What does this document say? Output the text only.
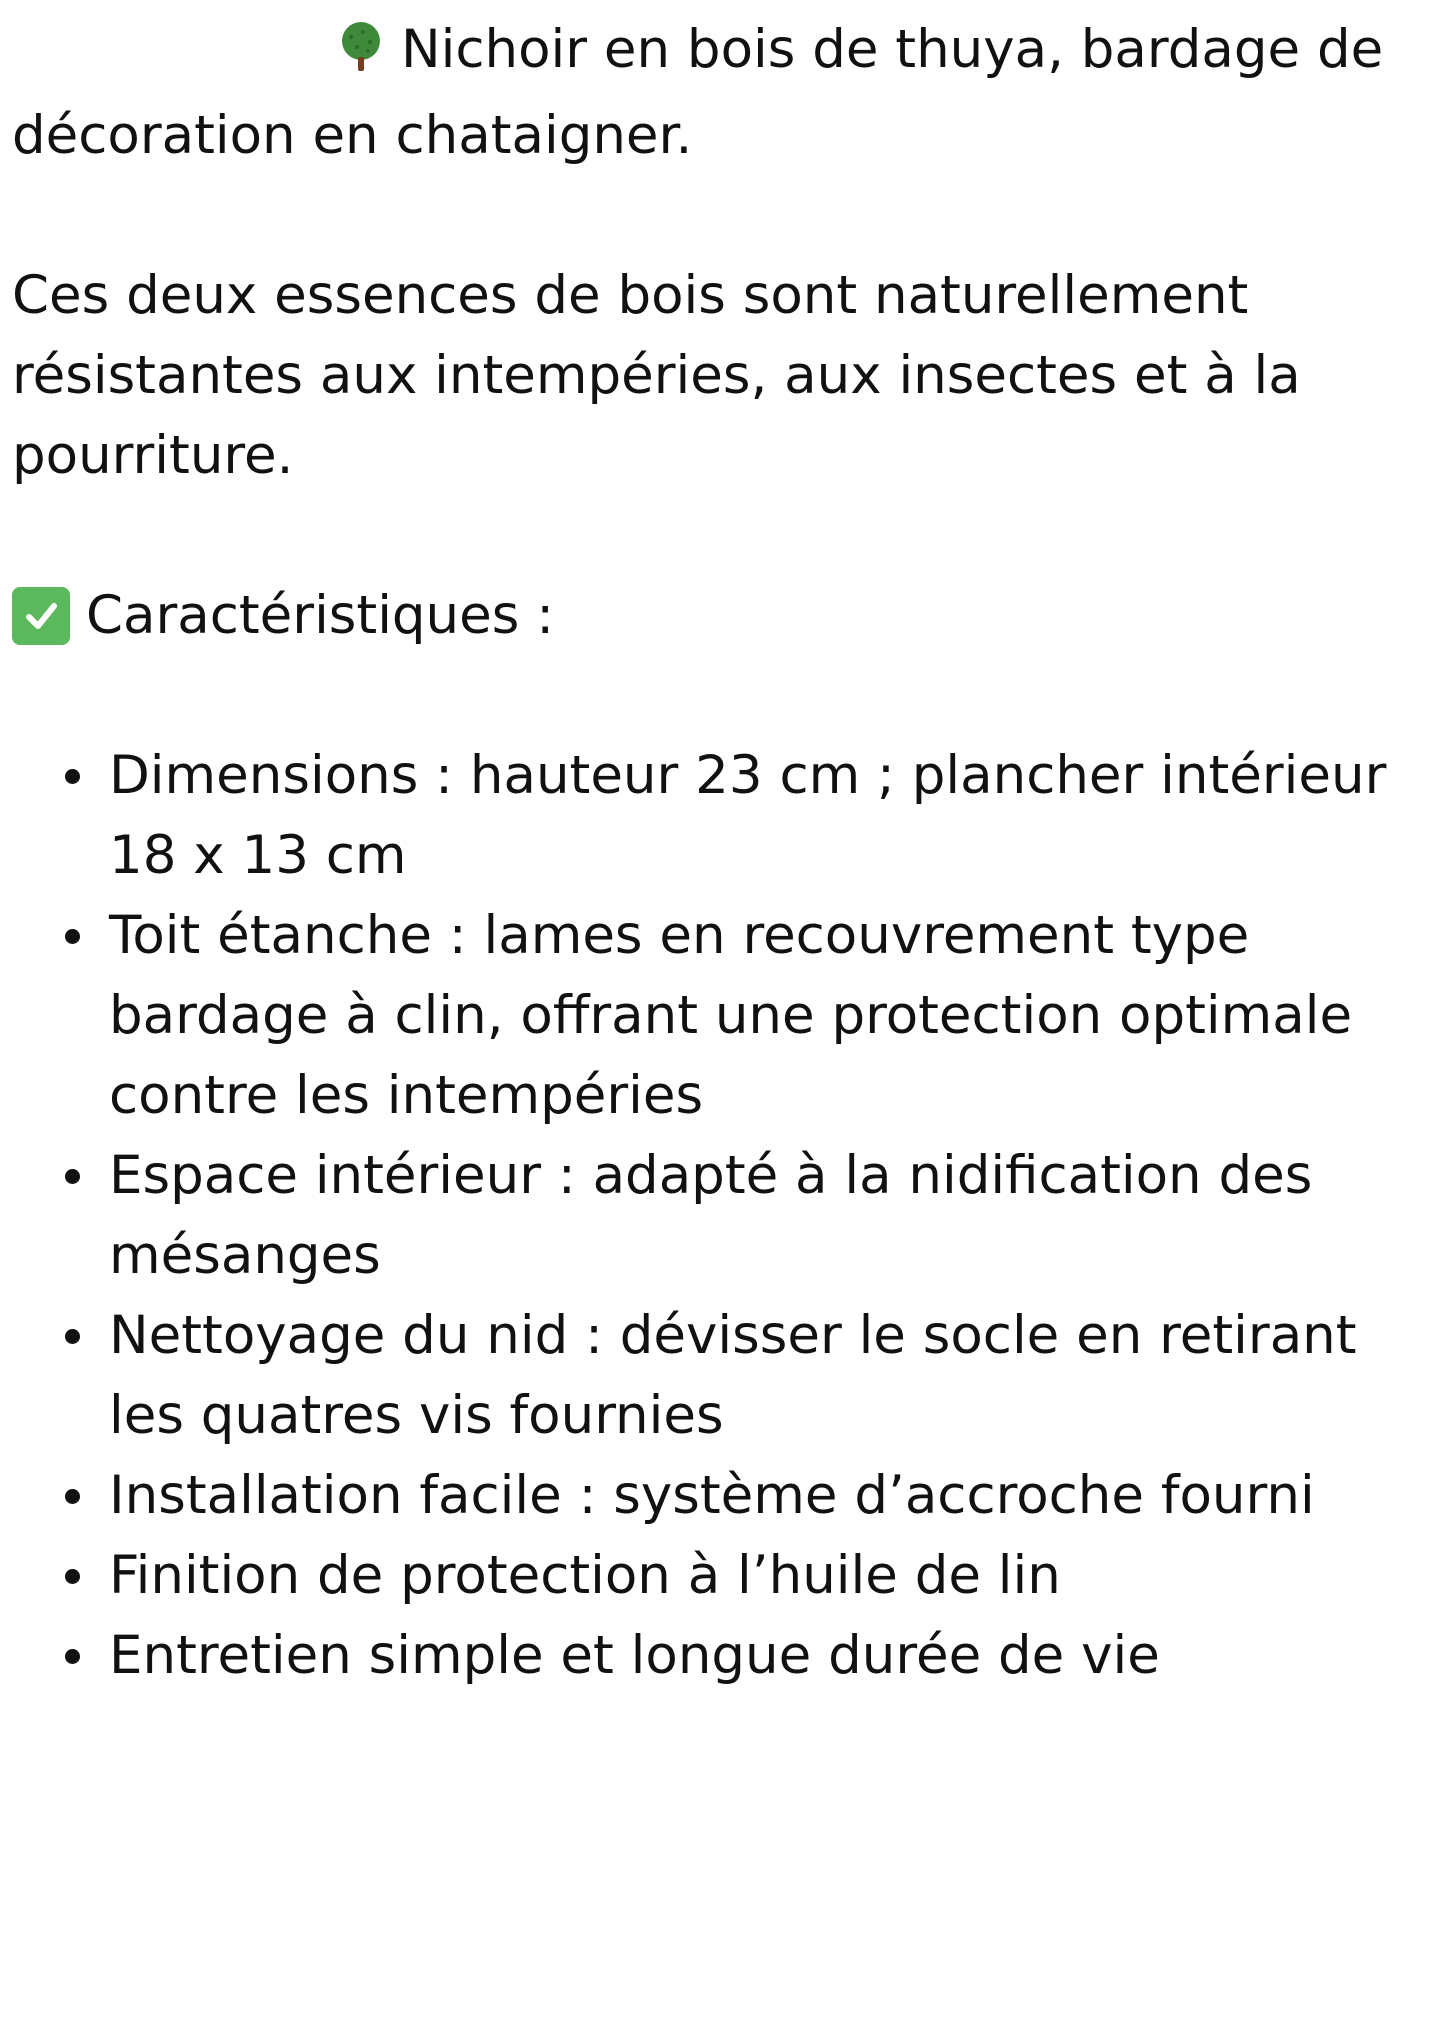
Nichoir en bois de thuya, bardage de

décoration en chataigner.

Ces deux essences de bois sont naturellement résistantes aux intempéries, aux insectes et à la pourriture.

Caractéristiques :
Dimensions : hauteur 23 cm ; plancher intérieur 18 x 13 cm
Toit étanche : lames en recouvrement type bardage à clin, offrant une protection optimale contre les intempéries
Espace intérieur : adapté à la nidification des mésanges
Nettoyage du nid : dévisser le socle en retirant les quatres vis fournies
Installation facile : système d’accroche fourni
Finition de protection à l’huile de lin
Entretien simple et longue durée de vie
